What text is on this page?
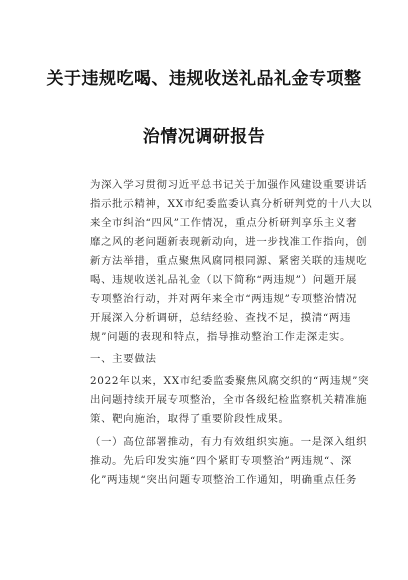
关于违规吃喝、违规收送礼品礼金专项整
治情况调研报告
为深入学习贯彻习近平总书记关于加强作风建设重要讲话
指示批示精神，XX市纪委监委认真分析研判党的十八大以
来全市纠治“四风”工作情况，重点分析研判享乐主义奢
靡之风的老问题新表现新动向，进一步找准工作指向，创
新方法举措，重点聚焦风腐同根同源、紧密关联的违规吃
喝、违规收送礼品礼金（以下简称“两违规”）问题开展
专项整治行动，并对两年来全市“两违规”专项整治情况
开展深入分析调研，总结经验、查找不足，摸清“两违
规”问题的表现和特点，指导推动整治工作走深走实。
一、主要做法
2022年以来，XX市纪委监委聚焦风腐交织的“两违规”突
出问题持续开展专项整治，全市各级纪检监察机关精准施
策、靶向施治，取得了重要阶段性成果。
（一）高位部署推动，有力有效组织实施。一是深入组织
推动。先后印发实施“四个紧盯专项整治”两违规“、深
化”两违规“突出问题专项整治工作通知，明确重点任务
